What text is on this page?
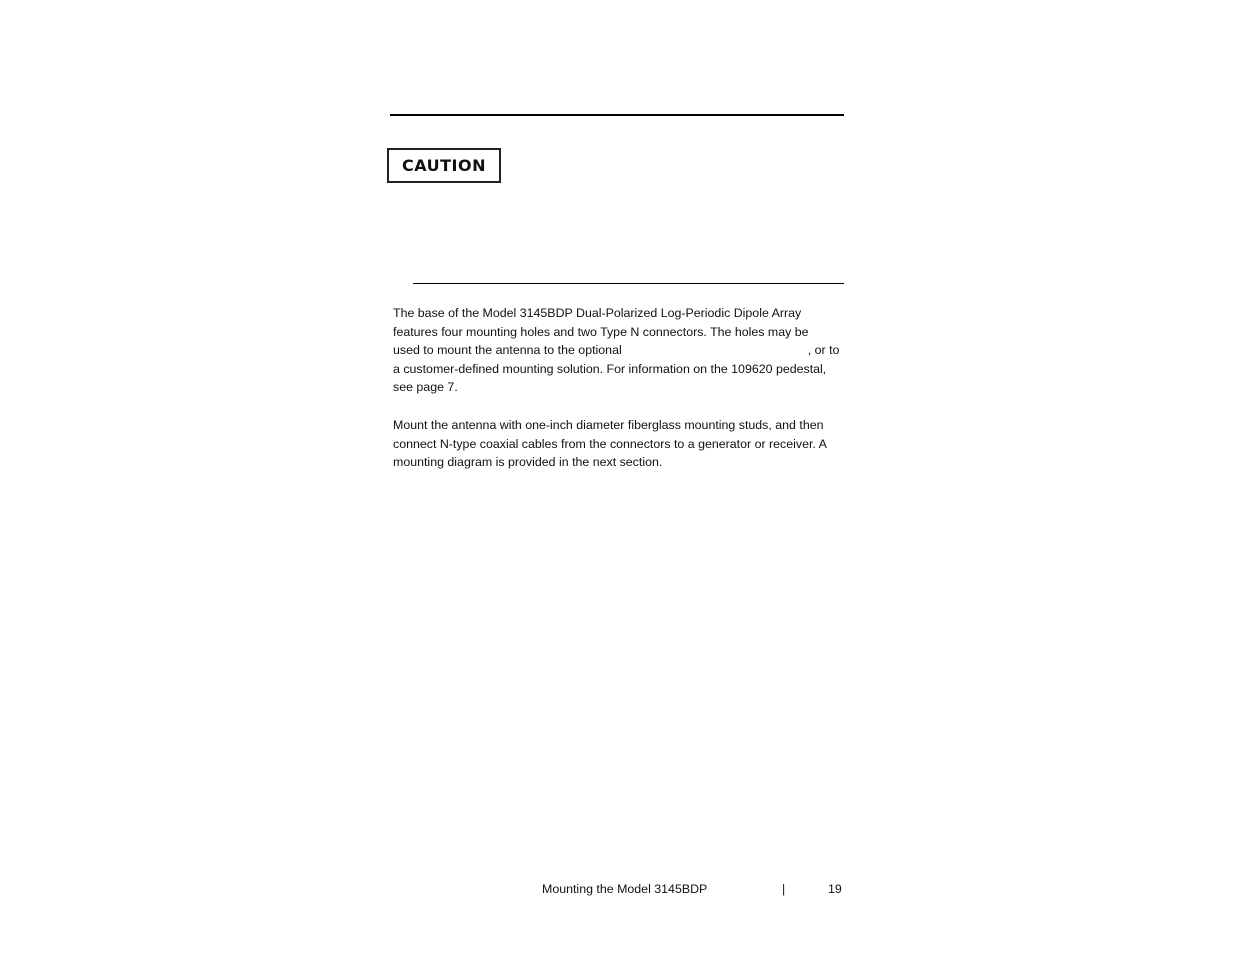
CAUTION

The base of the Model 3145BDP Dual-Polarized Log-Periodic Dipole Array
features four mounting holes and two Type N connectors. The holes may be
used to mount the antenna to the optional	, or to
a customer-defined mounting solution. For information on the 109620 pedestal,
see page 7.

Mount the antenna with one-inch diameter fiberglass mounting studs, and then
connect N-type coaxial cables from the connectors to a generator or receiver. A
mounting diagram is provided in the next section.

Mounting the Model 3145BDP	|	19
